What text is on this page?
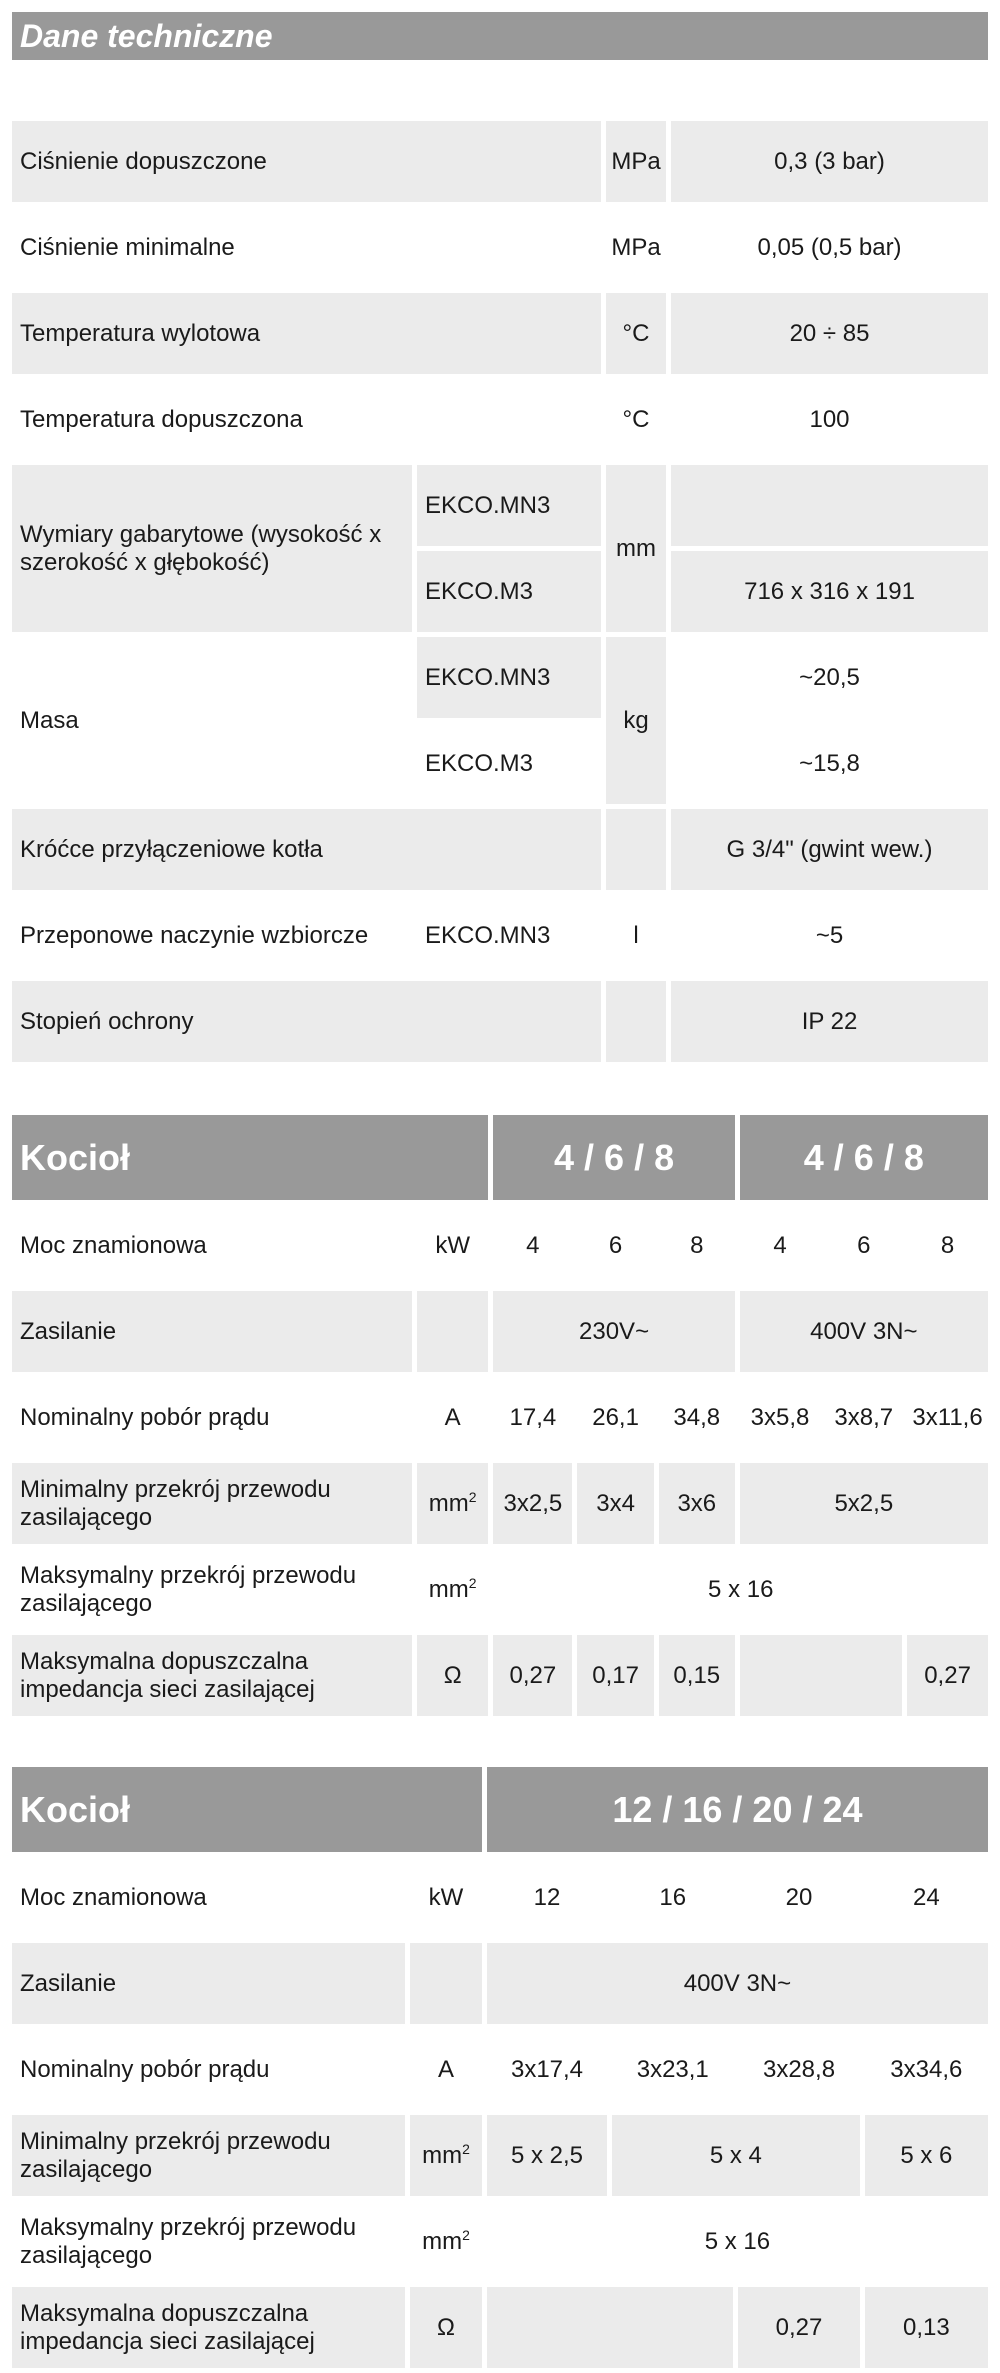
Dane techniczne
Ciśnienie dopuszczone		MPa	0,3 (3 bar)
Ciśnienie minimalne		MPa	0,05 (0,5 bar)
Temperatura wylotowa		°C	20 ÷ 85
Temperatura dopuszczona		°C	100
Wymiary gabarytowe (wysokość x szerokość x głębokość)	EKCO.MN3	mm	
	EKCO.M3		716 x 316 x 191
Masa	EKCO.MN3	kg	~20,5
	EKCO.M3		~15,8
Króćce przyłączeniowe kotła			G 3/4" (gwint wew.)
Przeponowe naczynie wzbiorcze	EKCO.MN3	l	~5
Stopień ochrony			IP 22
Kocioł		4 / 6 / 8			4 / 6 / 8		
Moc znamionowa	kW	4	6	8	4	6	8
Zasilanie		230V~			400V 3N~		
Nominalny pobór prądu	A	17,4	26,1	34,8	3x5,8	3x8,7	3x11,6
Minimalny przekrój przewodu zasilającego	$mm^2$	3x2,5	3x4	3x6	5x2,5		
Maksymalny przekrój przewodu zasilającego	$mm^2$	5 x 16					
Maksymalna dopuszczalna impedancja sieci zasilającej	Ω	0,27	0,17	0,15			0,27
Kocioł		12 / 16 / 20 / 24			
Moc znamionowa	kW	12	16	20	24
Zasilanie		400V 3N~			
Nominalny pobór prądu	A	3x17,4	3x23,1	3x28,8	3x34,6
Minimalny przekrój przewodu zasilającego	$mm^2$	5 x 2,5	5 x 4		5 x 6
Maksymalny przekrój przewodu zasilającego	$mm^2$	5 x 16			
Maksymalna dopuszczalna impedancja sieci zasilającej	Ω			0,27	0,13
